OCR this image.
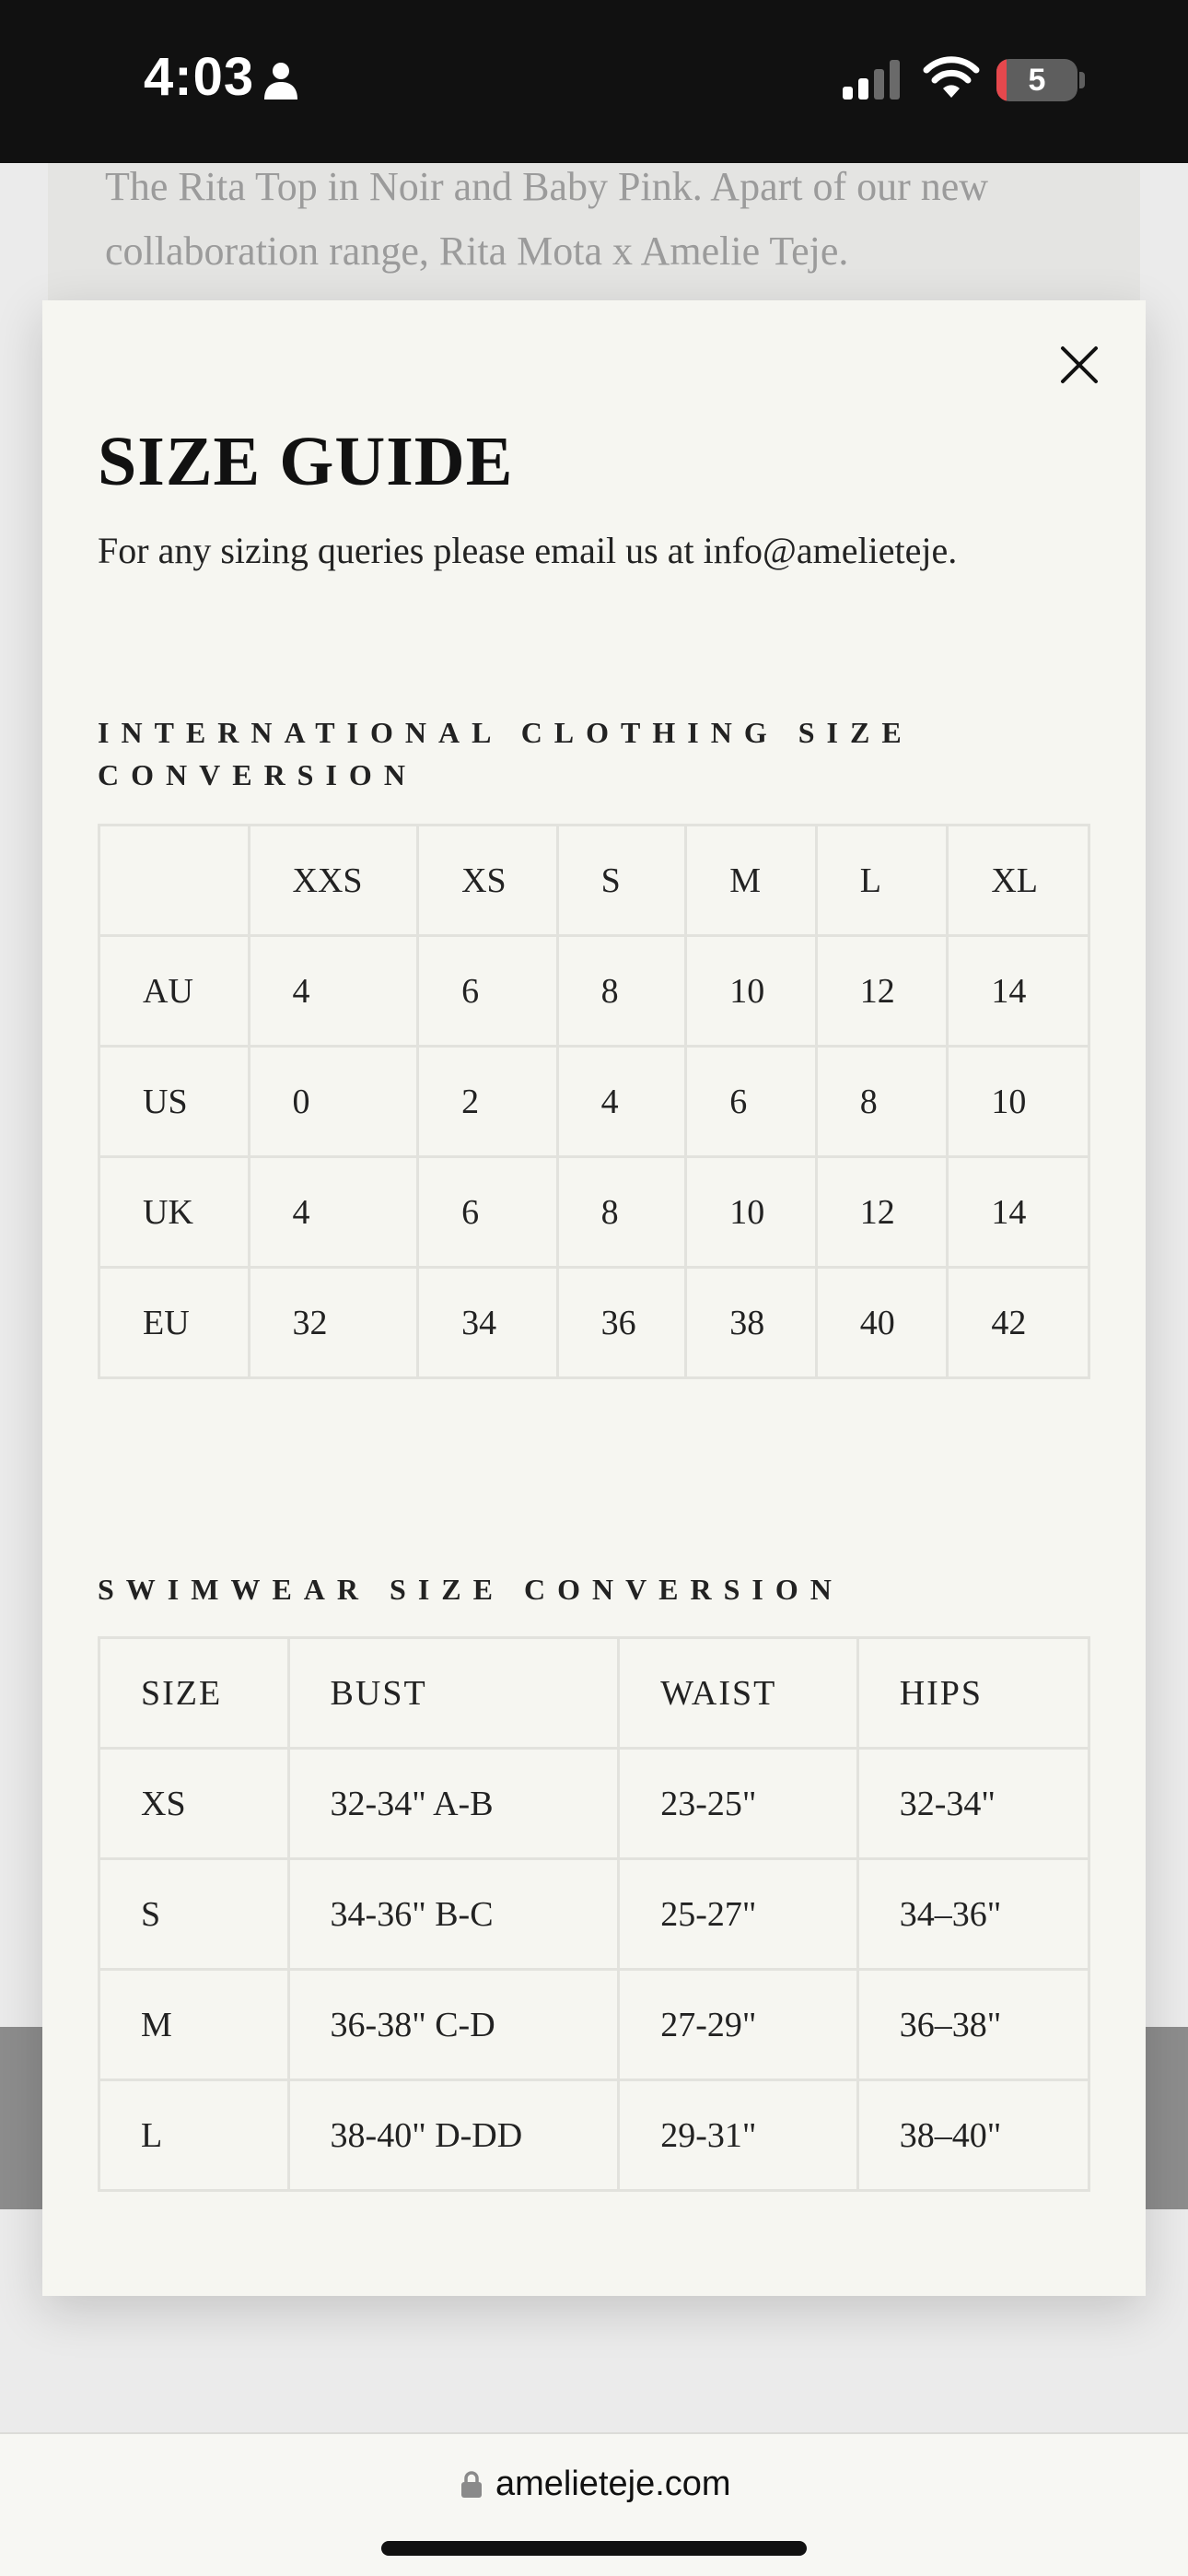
4:03	5

The Rita Top in Noir and Baby Pink. Apart of our new collaboration range, Rita Mota x Amelie Teje.

SIZE GUIDE

For any sizing queries please email us at info@amelieteje.

INTERNATIONAL CLOTHING SIZE CONVERSION
	XXS	XS	S	M	L	XL
AU	4	6	8	10	12	14
US	0	2	4	6	8	10
UK	4	6	8	10	12	14
EU	32	34	36	38	40	42
SWIMWEAR SIZE CONVERSION
SIZE	BUST	WAIST	HIPS
XS	32-34" A-B	23-25"	32-34"
S	34-36" B-C	25-27"	34–36"
M	36-38" C-D	27-29"	36–38"
L	38-40" D-DD	29-31"	38–40"
amelieteje.com
